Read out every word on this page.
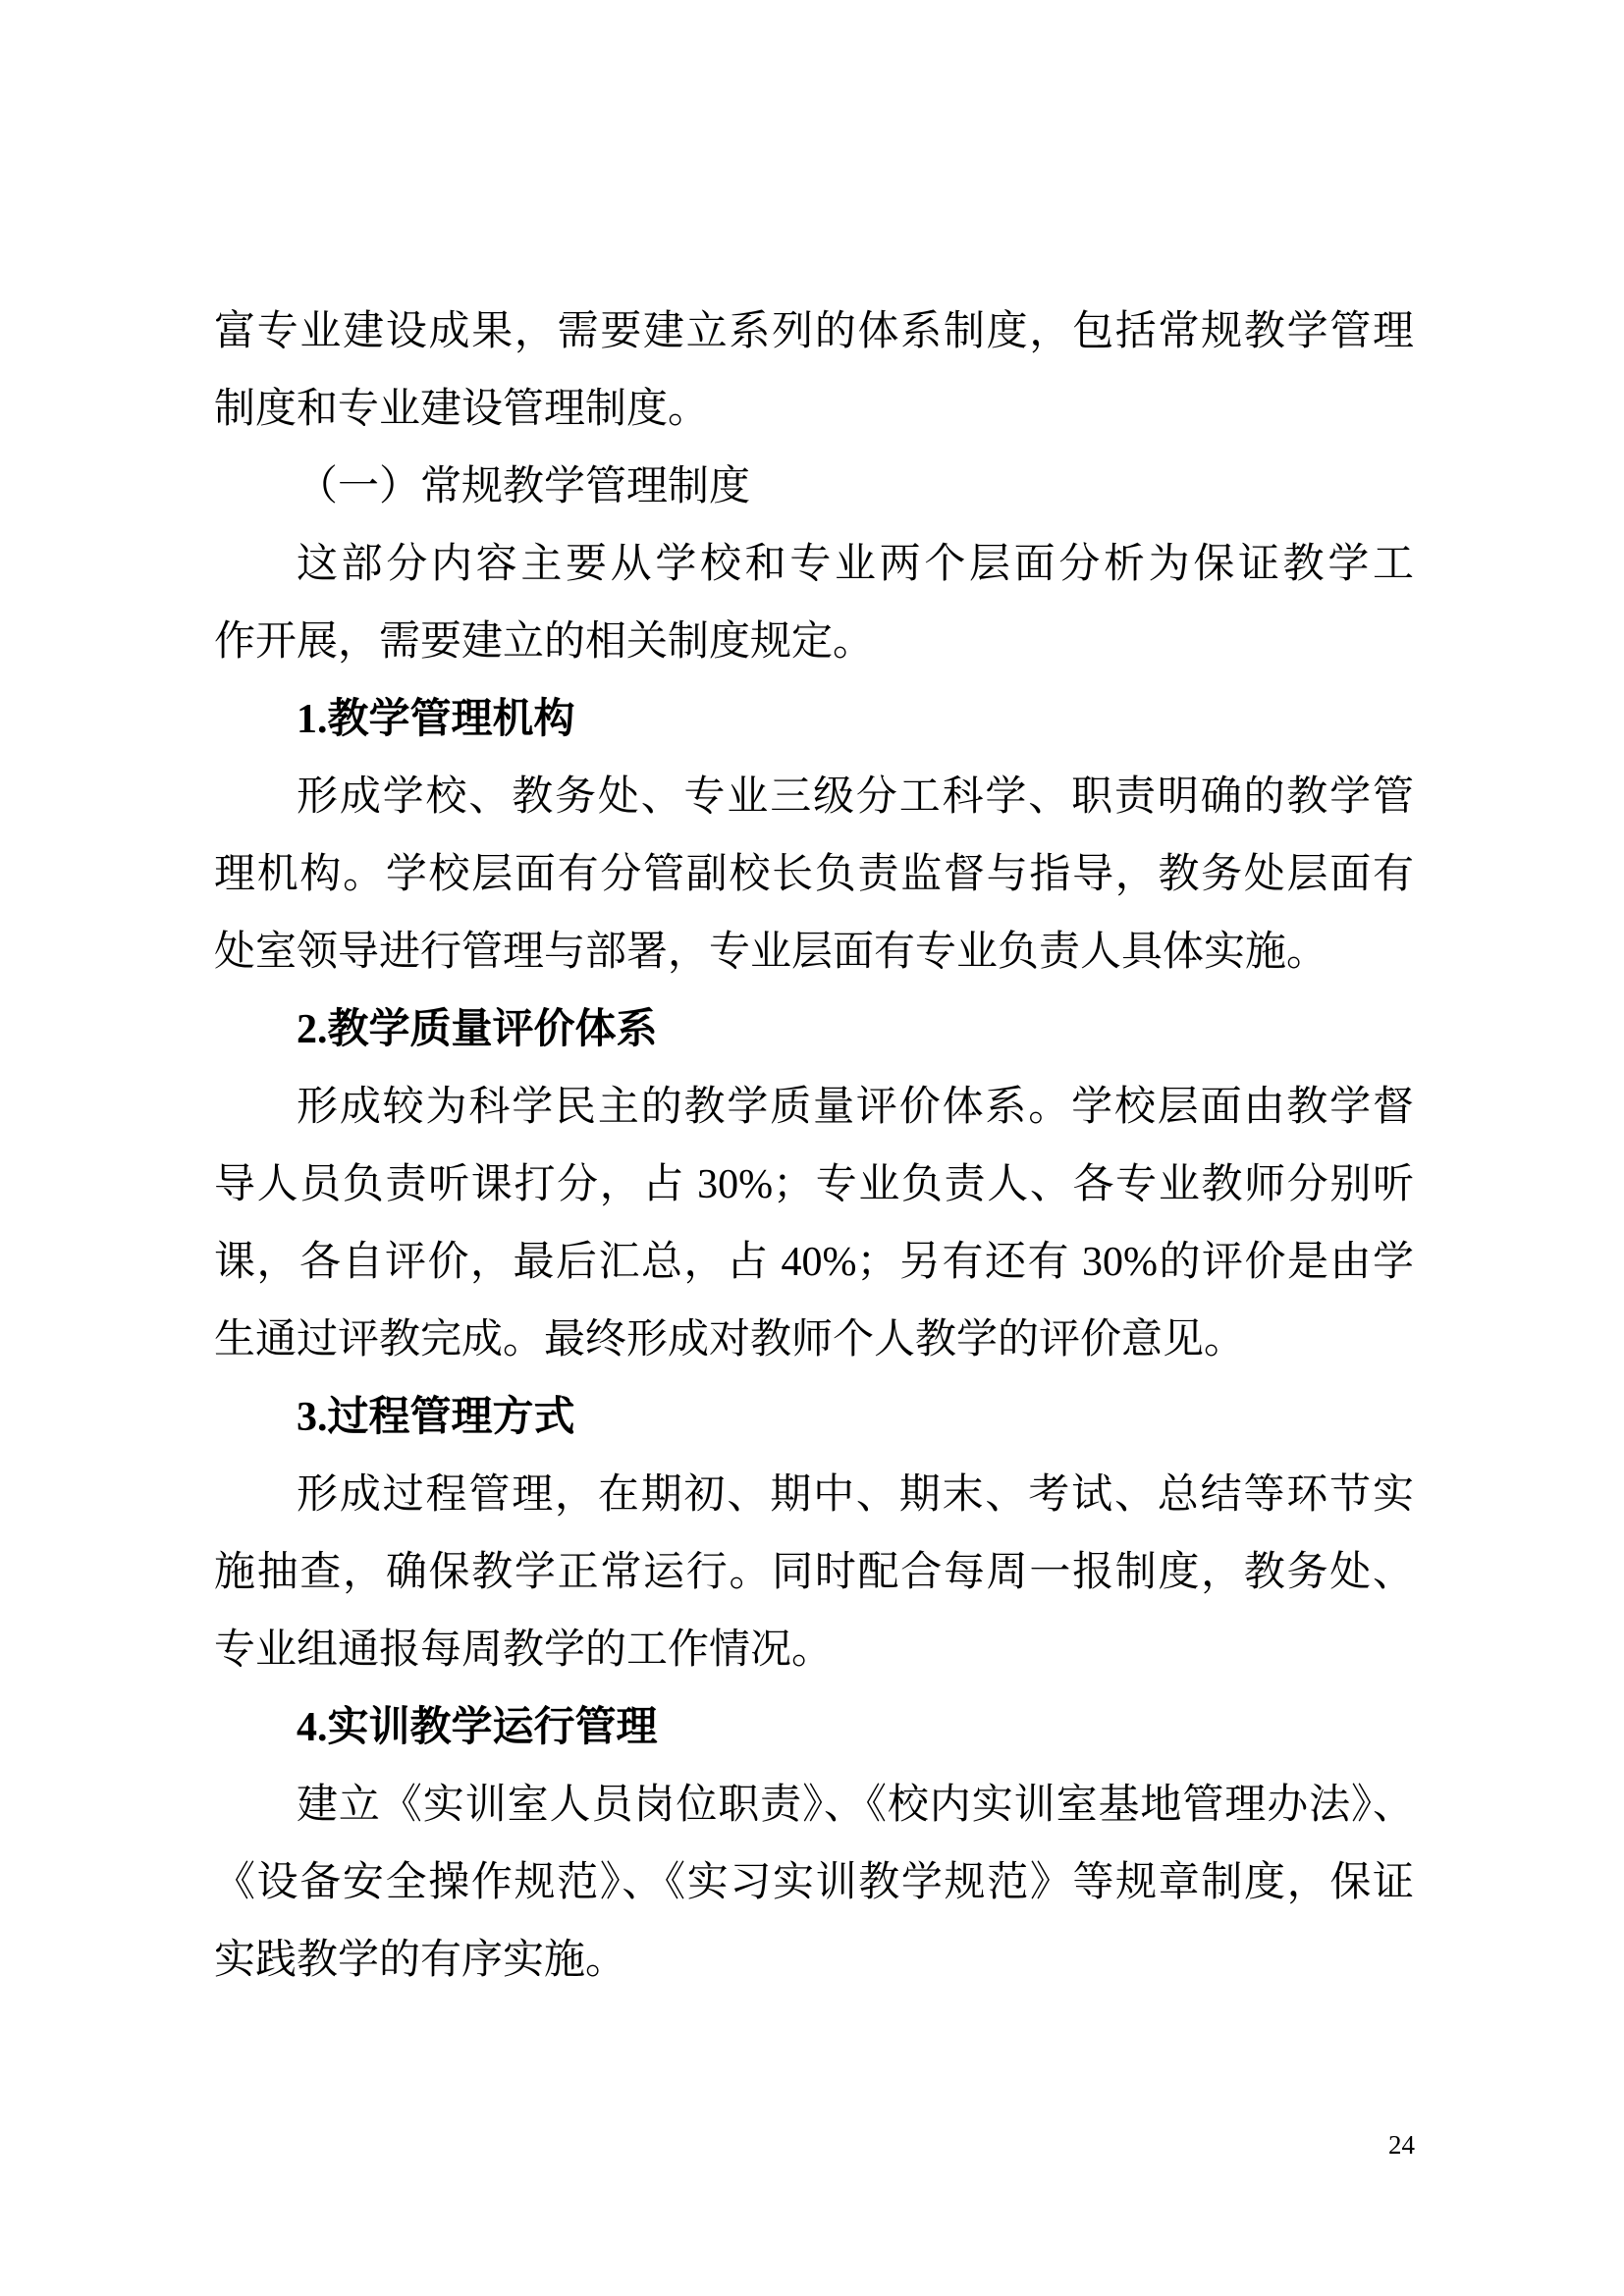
富专业建设成果，需要建立系列的体系制度，包括常规教学管理
制度和专业建设管理制度。
（一）常规教学管理制度
这部分内容主要从学校和专业两个层面分析为保证教学工
作开展，需要建立的相关制度规定。
1.教学管理机构
形成学校、教务处、专业三级分工科学、职责明确的教学管
理机构。学校层面有分管副校长负责监督与指导，教务处层面有
处室领导进行管理与部署，专业层面有专业负责人具体实施。
2.教学质量评价体系
形成较为科学民主的教学质量评价体系。学校层面由教学督
导人员负责听课打分，占 30%；专业负责人、各专业教师分别听
课，各自评价，最后汇总，占 40%；另有还有 30%的评价是由学
生通过评教完成。最终形成对教师个人教学的评价意见。
3.过程管理方式
形成过程管理，在期初、期中、期末、考试、总结等环节实
施抽查，确保教学正常运行。同时配合每周一报制度，教务处、
专业组通报每周教学的工作情况。
4.实训教学运行管理
建立《实训室人员岗位职责》、《校内实训室基地管理办法》、
《设备安全操作规范》、《实习实训教学规范》等规章制度，保证
实践教学的有序实施。
24
